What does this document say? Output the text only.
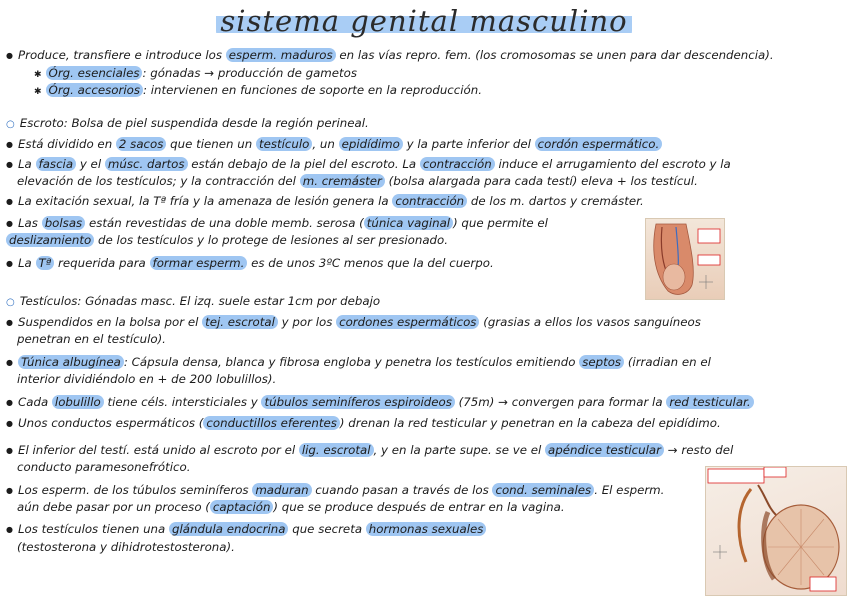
sistema genital masculino
● Produce, transfiere e introduce los esperm. maduros en las vías repro. fem. (los cromosomas se unen para dar descendencia).
✱ Órg. esenciales : gónadas → producción de gametos
✱ Órg. accesorios : intervienen en funciones de soporte en la reproducción.
○ Escroto: Bolsa de piel suspendida desde la región perineal.
● Está dividido en 2 sacos que tienen un testículo , un epidídimo y la parte inferior del cordón espermático.
● La fascia y el músc. dartos están debajo de la piel del escroto. La contracción induce el arrugamiento del escroto y la
elevación de los testículos; y la contracción del m. cremáster (bolsa alargada para cada testí) eleva + los testícul.
● La exitación sexual, la Tª fría y la amenaza de lesión genera la contracción de los m. dartos y cremáster.
● Las bolsas están revestidas de una doble memb. serosa ( túnica vaginal ) que permite el
deslizamiento de los testículos y lo protege de lesiones al ser presionado.
● La Tª requerida para formar esperm. es de unos 3ºC menos que la del cuerpo.
○ Testículos: Gónadas masc. El izq. suele estar 1cm por debajo
● Suspendidos en la bolsa por el tej. escrotal y por los cordones espermáticos (grasias a ellos los vasos sanguíneos
penetran en el testículo).
● Túnica albugínea : Cápsula densa, blanca y fibrosa engloba y penetra los testículos emitiendo septos (irradian en el
interior dividiéndolo en + de 200 lobulillos).
● Cada lobulillo tiene céls. intersticiales y túbulos seminíferos espiroideos (75m) → convergen para formar la red testicular.
● Unos conductos espermáticos ( conductillos eferentes ) drenan la red testicular y penetran en la cabeza del epidídimo.
● El inferior del testí. está unido al escroto por el lig. escrotal , y en la parte supe. se ve el apéndice testicular → resto del
conducto paramesonefrótico.
● Los esperm. de los túbulos seminíferos maduran cuando pasan a través de los cond. seminales . El esperm.
aún debe pasar por un proceso ( captación ) que se produce después de entrar en la vagina.
● Los testículos tienen una glándula endocrina que secreta hormonas sexuales
(testosterona y dihidrotestosterona).
